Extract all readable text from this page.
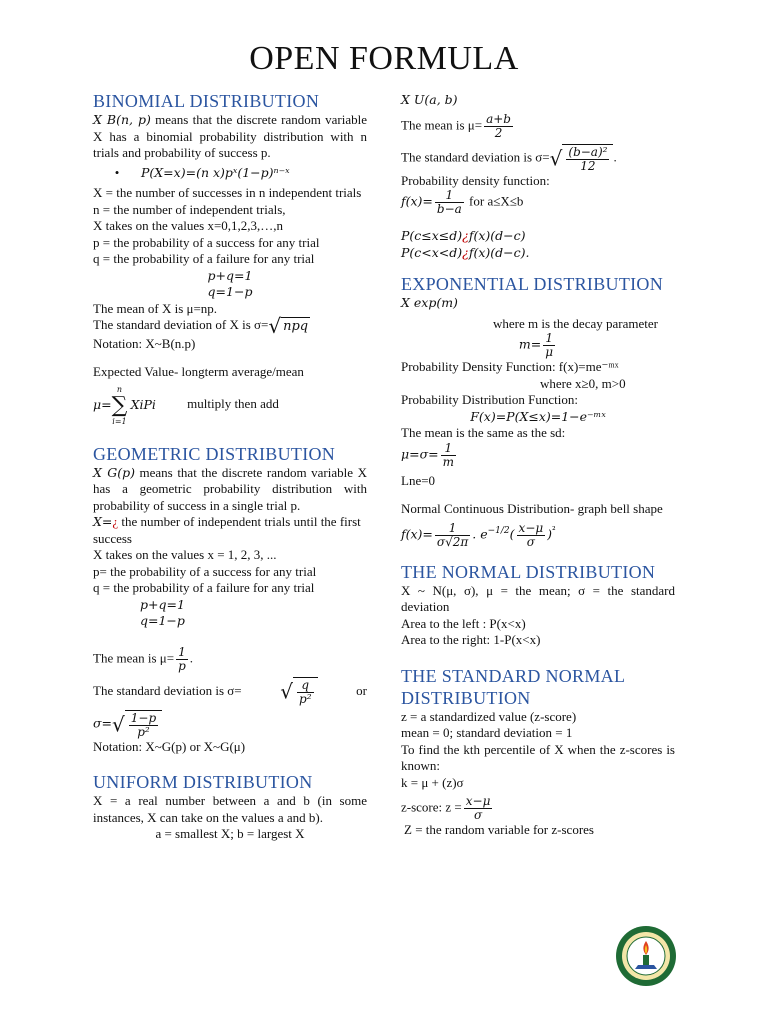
OPEN FORMULA
BINOMIAL DISTRIBUTION

X B(n, p) means that the discrete random variable X has a binomial probability distribution with n trials and probability of success p.

• P(X=x)=(n x)pˣ(1−p)ⁿ⁻ˣ

X = the number of successes in n independent trials

n = the number of independent trials,

X takes on the values x=0,1,2,3,…,n

p = the probability of a success for any trial

q = the probability of a failure for any trial

p+q=1

q=1−p

The mean of X is μ=np.

The standard deviation of X is σ=√ npq

Notation: X~B(n.p)

Expected Value- longterm average/mean

μ=
n
∑
i=1
XiPi multiply then add

GEOMETRIC DISTRIBUTION

X G(p) means that the discrete random variable X has a geometric probability distribution with probability of success in a single trial p.

X=¿ the number of independent trials until the first success

X takes on the values x = 1, 2, 3, ...

p= the probability of a success for any trial

q = the probability of a failure for any trial

p+q=1

q=1−p

The mean is $\mu= \frac{1}{p}$ .

The standard deviation is σ= √ $\frac{q}{\text{p²}}$	or

$\sigma=√ \frac{1-p}{\text{p²}}$

Notation: X~G(p) or X~G(μ)

UNIFORM DISTRIBUTION

X = a real number between a and b (in some instances, X can take on the values a and b).

a = smallest X; b = largest X

X U(a, b)

The mean is $\mu= \frac{a+b}{2}$

The standard deviation is $\sigma=√ \frac{\text{(b−a)²}}{12}$ .

Probability density function:

$f(x)= \frac{1}{b-a}$ for a≤X≤b

P(c≤x≤d)¿f(x)(d−c)

P(c<x<d)¿f(x)(d−c).

EXPONENTIAL DISTRIBUTION

X exp(m)

where m is the decay parameter

$m= \frac{1}{\mu}$

Probability Density Function: f(x)=me⁻ᵐˣ

where x≥0, m>0

Probability Distribution Function:

F(x)=P(X≤x)=1−e⁻ᵐˣ

The mean is the same as the sd:

$\mu=\sigma= \frac{1}{m}$

Lne=0

Normal Continuous Distribution- graph bell shape

$f(x)= \frac{1}{\sigma√2\pi}$ . $e^{-1/2}( \frac{x-\mu}{\sigma} )^{^2}$

THE NORMAL DISTRIBUTION

X ~ N(μ, σ), μ = the mean; σ = the standard deviation

Area to the left : P(x<x)

Area to the right: 1-P(x<x)

THE STANDARD NORMAL DISTRIBUTION

z = a standardized value (z-score)

mean = 0; standard deviation = 1

To find the kth percentile of X when the z-scores is known:

k = μ + (z)σ

z-score: $z = \frac{x-\mu}{\sigma}$

Z = the random variable for z-scores
